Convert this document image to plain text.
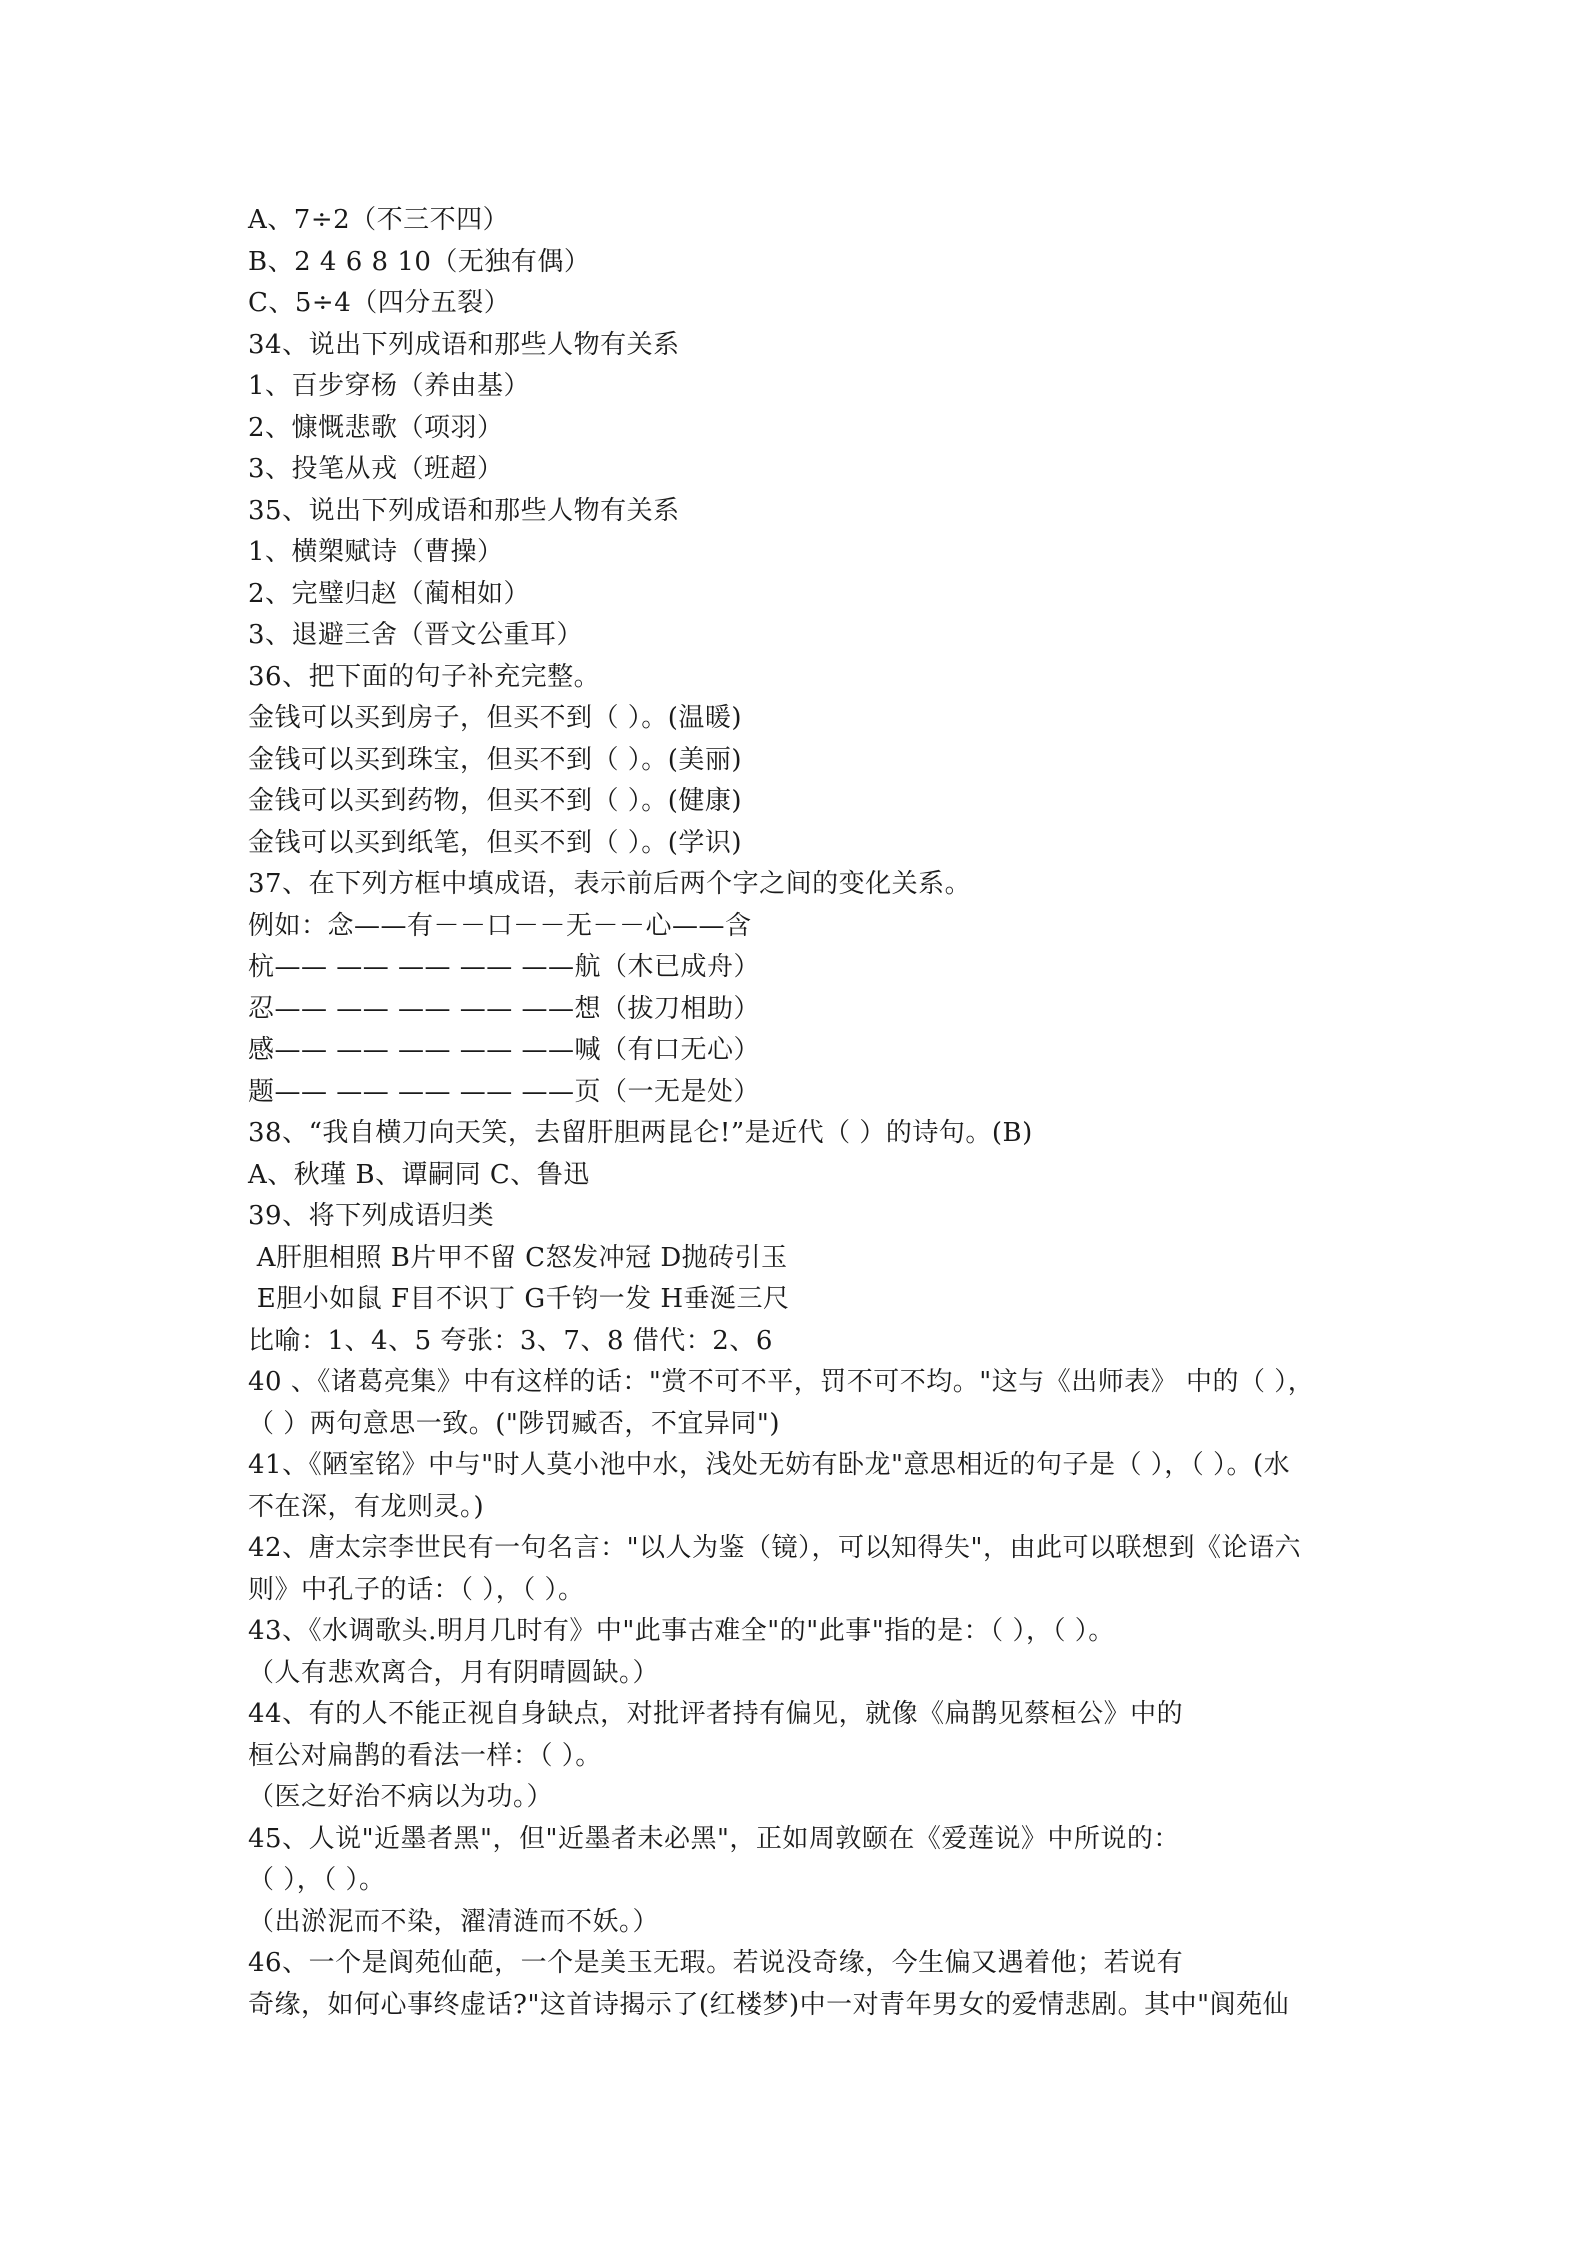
A、7÷2（不三不四）
B、2 4 6 8 10（无独有偶）
C、5÷4（四分五裂）
34、说出下列成语和那些人物有关系
1、百步穿杨（养由基）
2、慷慨悲歌（项羽）
3、投笔从戎（班超）
35、说出下列成语和那些人物有关系
1、横槊赋诗（曹操）
2、完璧归赵（蔺相如）
3、退避三舍（晋文公重耳）
36、把下面的句子补充完整。
金钱可以买到房子，但买不到（ ）。(温暖)
金钱可以买到珠宝，但买不到（ ）。(美丽)
金钱可以买到药物，但买不到（ ）。(健康)
金钱可以买到纸笔，但买不到（ ）。(学识)
37、在下列方框中填成语，表示前后两个字之间的变化关系。
例如：念——有－－口－－无－－心——含
杭—— —— —— —— ——航（木已成舟）
忍—— —— —— —— ——想（拔刀相助）
感—— —— —— —— ——喊（有口无心）
题—— —— —— —— ——页（一无是处）
38、“我自横刀向天笑，去留肝胆两昆仑!”是近代（ ）的诗句。(B)
A、秋瑾 B、谭嗣同 C、鲁迅
39、将下列成语归类
A肝胆相照 B片甲不留 C怒发冲冠 D抛砖引玉
E胆小如鼠 F目不识丁 G千钧一发 H垂涎三尺
比喻：1、4、5 夸张：3、7、8 借代：2、6
40 、《诸葛亮集》中有这样的话："赏不可不平，罚不可不均。"这与《出师表》 中的（ ），
（ ）两句意思一致。("陟罚臧否，不宜异同")
41、《陋室铭》中与"时人莫小池中水，浅处无妨有卧龙"意思相近的句子是（ ），（ ）。(水
不在深，有龙则灵。)
42、唐太宗李世民有一句名言："以人为鉴（镜），可以知得失"，由此可以联想到《论语六
则》中孔子的话：（ ），（ ）。
43、《水调歌头.明月几时有》中"此事古难全"的"此事"指的是：（ ），（ ）。
（人有悲欢离合，月有阴晴圆缺。）
44、有的人不能正视自身缺点，对批评者持有偏见，就像《扁鹊见蔡桓公》中的
桓公对扁鹊的看法一样：（ ）。
（医之好治不病以为功。）
45、人说"近墨者黑"，但"近墨者未必黑"，正如周敦颐在《爱莲说》中所说的：
（ ），（ ）。
（出淤泥而不染，濯清涟而不妖。）
46、一个是阆苑仙葩，一个是美玉无瑕。若说没奇缘，今生偏又遇着他；若说有
奇缘，如何心事终虚话?"这首诗揭示了(红楼梦)中一对青年男女的爱情悲剧。其中"阆苑仙
